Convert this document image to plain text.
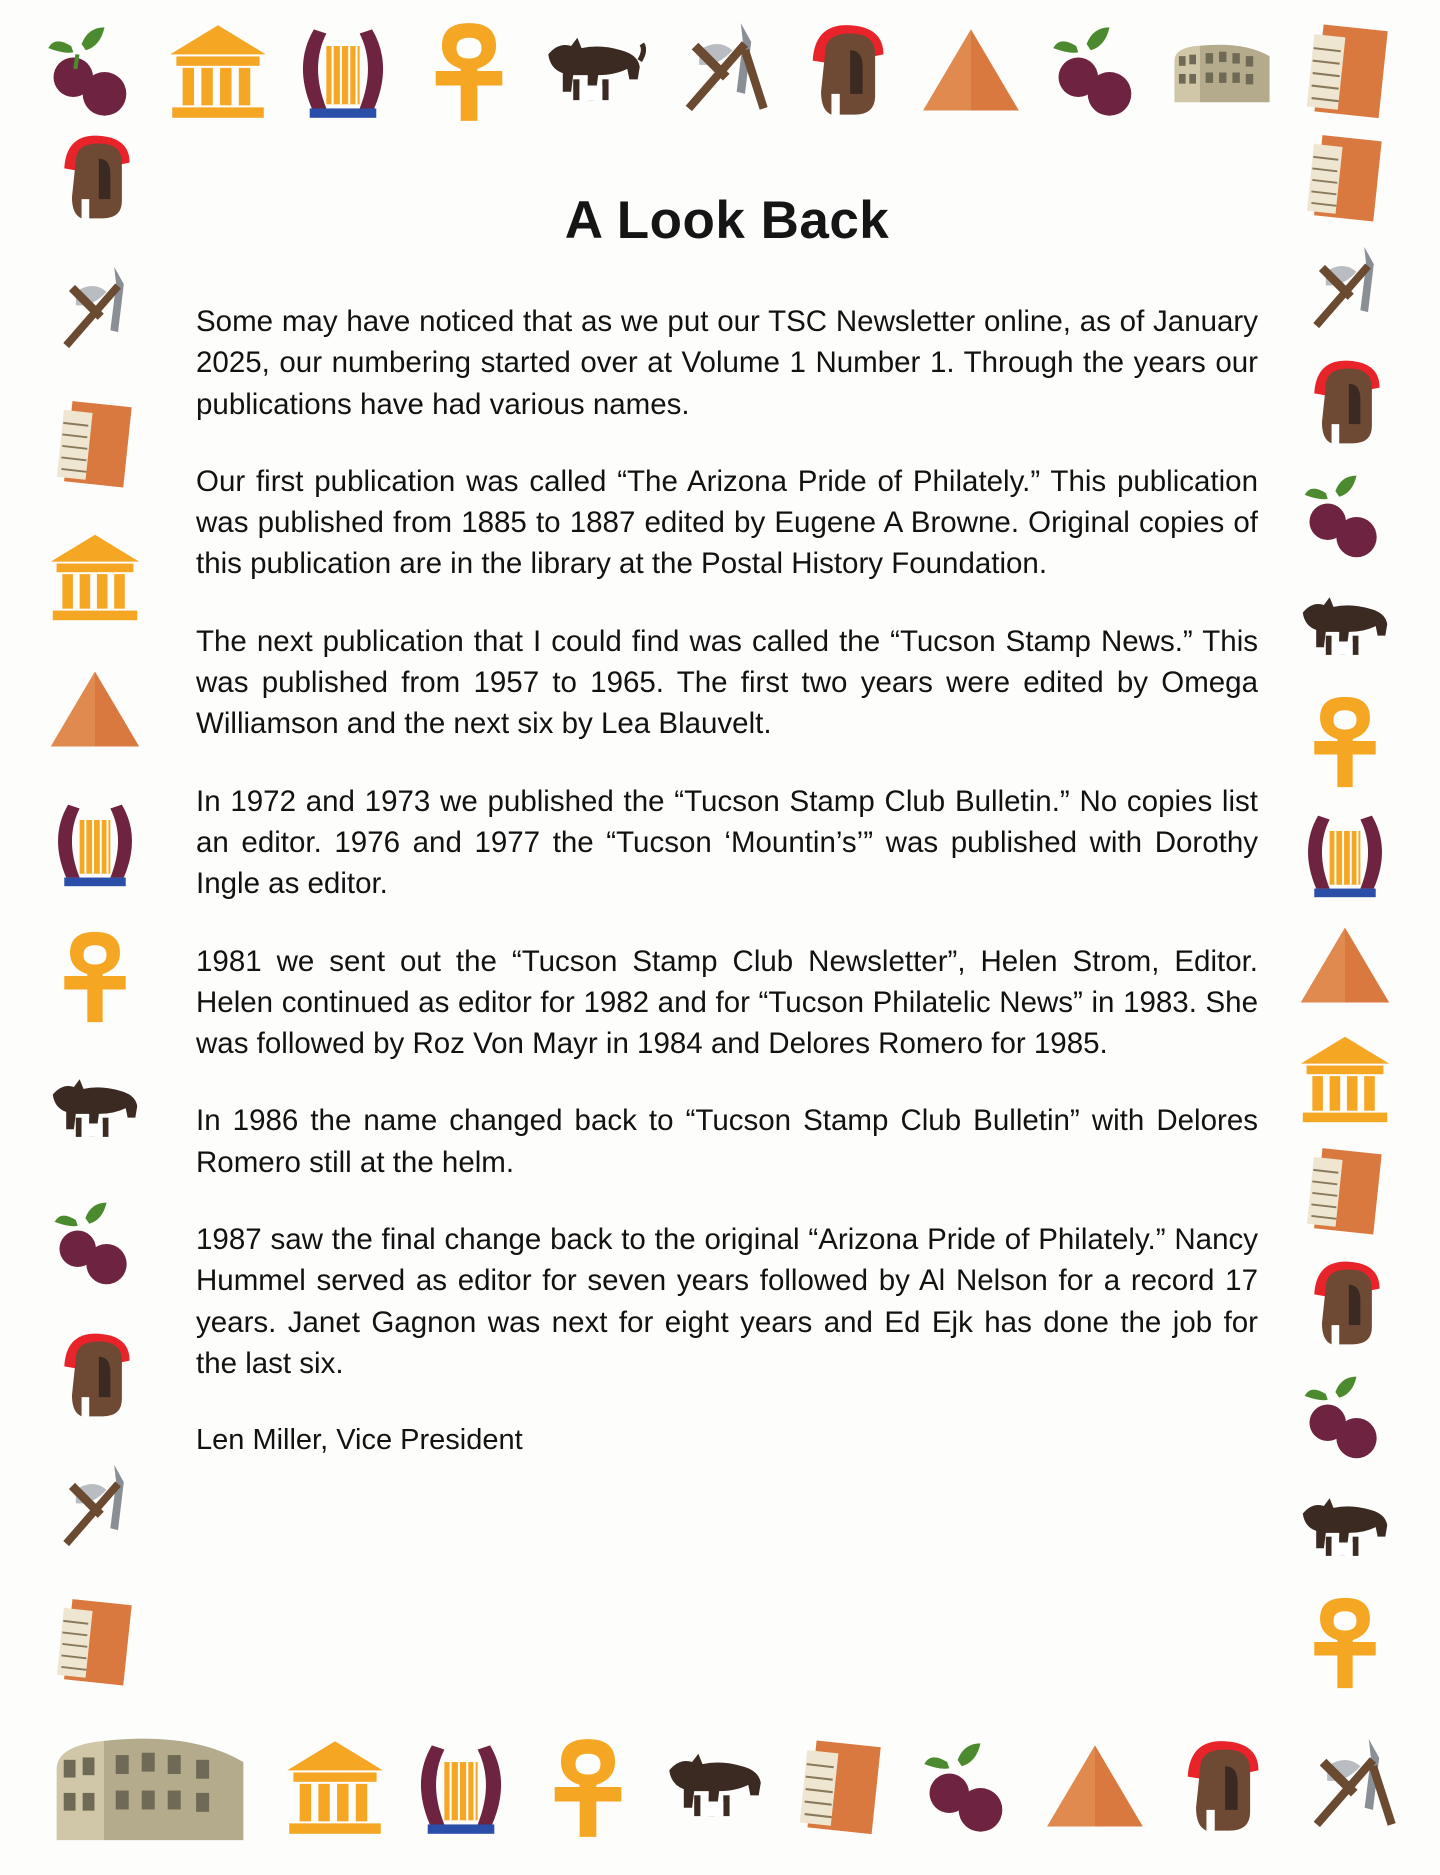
A Look Back

Some may have noticed that as we put our TSC Newsletter online, as of January 2025, our numbering started over at Volume 1 Number 1. Through the years our publications have had various names.

Our first publication was called “The Arizona Pride of Philately.” This publication was published from 1885 to 1887 edited by Eugene A Browne. Original copies of this publication are in the library at the Postal History Foundation.

The next publication that I could find was called the “Tucson Stamp News.” This was published from 1957 to 1965. The first two years were edited by Omega Williamson and the next six by Lea Blauvelt.

In 1972 and 1973 we published the “Tucson Stamp Club Bulletin.” No copies list an editor. 1976 and 1977 the “Tucson ‘Mountin’s’” was published with Dorothy Ingle as editor.

1981 we sent out the “Tucson Stamp Club Newsletter”, Helen Strom, Editor. Helen continued as editor for 1982 and for “Tucson Philatelic News” in 1983. She was followed by Roz Von Mayr in 1984 and Delores Romero for 1985.

In 1986 the name changed back to “Tucson Stamp Club Bulletin” with Delores Romero still at the helm.

1987 saw the final change back to the original “Arizona Pride of Philately.” Nancy Hummel served as editor for seven years followed by Al Nelson for a record 17 years. Janet Gagnon was next for eight years and Ed Ejk has done the job for the last six.

Len Miller, Vice President
